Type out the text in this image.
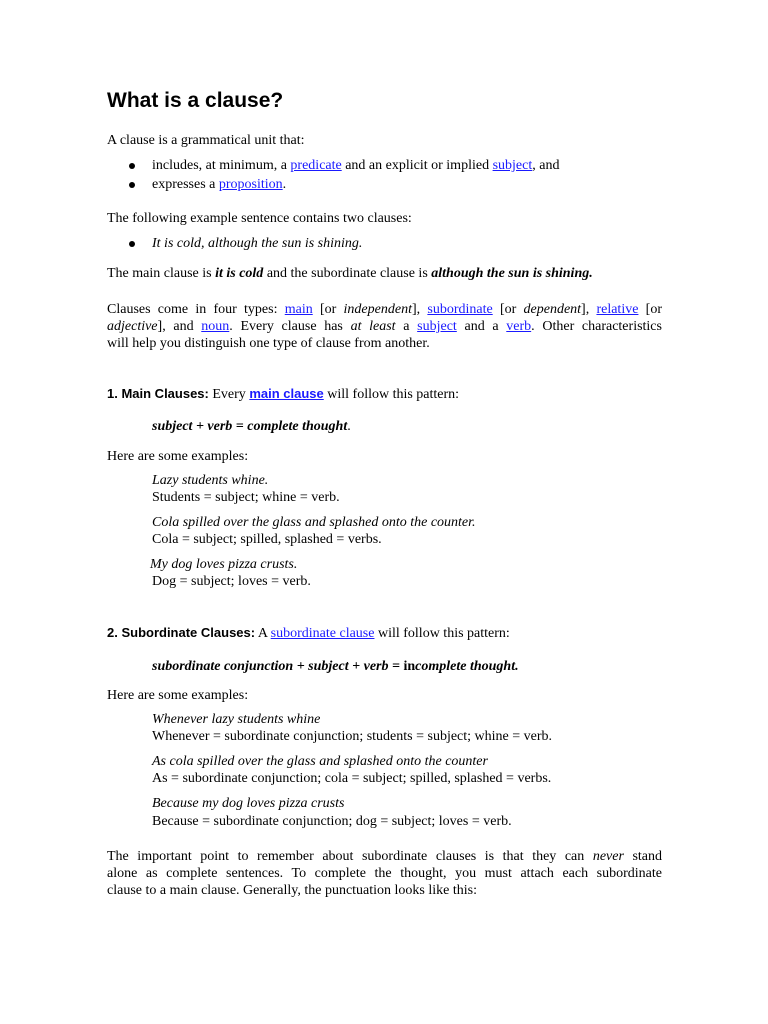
What is a clause?
A clause is a grammatical unit that:
includes, at minimum, a predicate and an explicit or implied subject, and
expresses a proposition.
The following example sentence contains two clauses:
It is cold, although the sun is shining.
The main clause is it is cold and the subordinate clause is although the sun is shining.
Clauses come in four types: main [or independent], subordinate [or dependent], relative [or
adjective], and noun. Every clause has at least a subject and a verb. Other characteristics
will help you distinguish one type of clause from another.
1. Main Clauses: Every main clause will follow this pattern:
subject + verb = complete thought.
Here are some examples:
Lazy students whine.
Students = subject; whine = verb.
Cola spilled over the glass and splashed onto the counter.
Cola = subject; spilled, splashed = verbs.
My dog loves pizza crusts.
Dog = subject; loves = verb.
2. Subordinate Clauses: A subordinate clause will follow this pattern:
subordinate conjunction + subject + verb = incomplete thought.
Here are some examples:
Whenever lazy students whine
Whenever = subordinate conjunction; students = subject; whine = verb.
As cola spilled over the glass and splashed onto the counter
As = subordinate conjunction; cola = subject; spilled, splashed = verbs.
Because my dog loves pizza crusts
Because = subordinate conjunction; dog = subject; loves = verb.
The important point to remember about subordinate clauses is that they can never stand
alone as complete sentences. To complete the thought, you must attach each subordinate
clause to a main clause. Generally, the punctuation looks like this:
